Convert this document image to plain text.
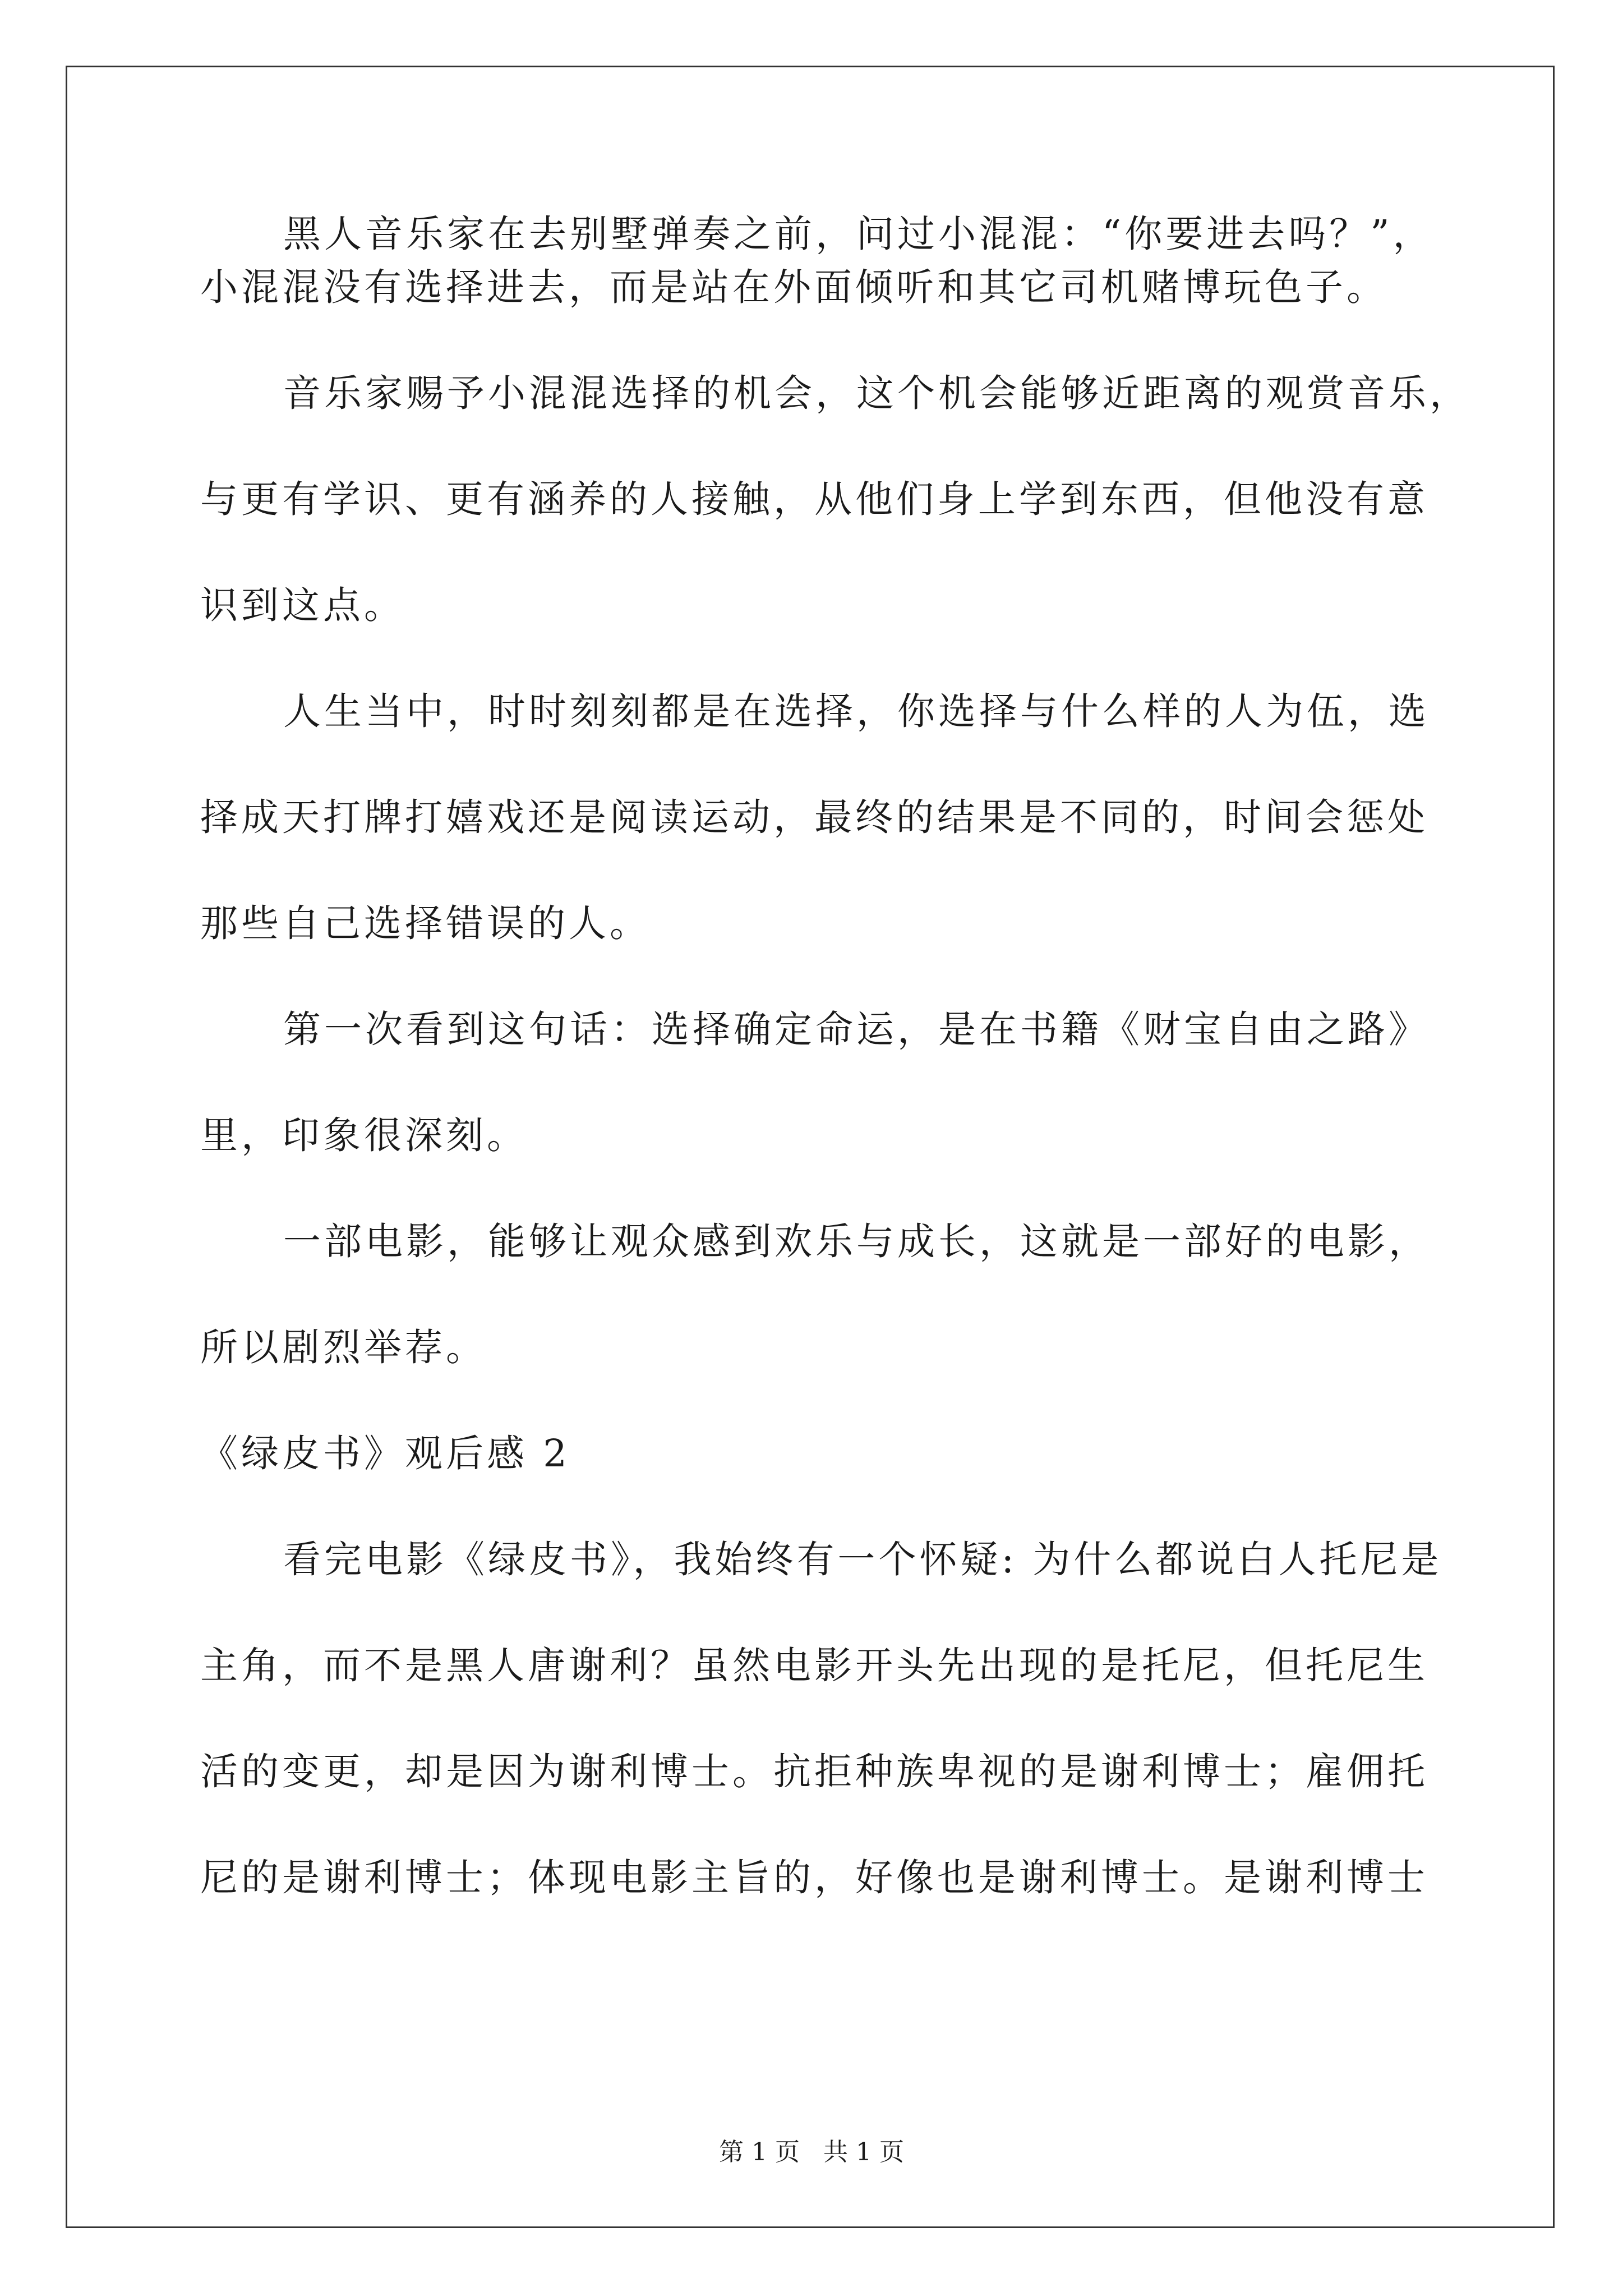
黑人音乐家在去别墅弹奏之前，问过小混混：“你要进去吗？”，
小混混没有选择进去，而是站在外面倾听和其它司机赌博玩色子。
音乐家赐予小混混选择的机会，这个机会能够近距离的观赏音乐，
与更有学识、更有涵养的人接触，从他们身上学到东西，但他没有意
识到这点。
人生当中，时时刻刻都是在选择，你选择与什么样的人为伍，选
择成天打牌打嬉戏还是阅读运动，最终的结果是不同的，时间会惩处
那些自己选择错误的人。
第一次看到这句话：选择确定命运，是在书籍《财宝自由之路》
里，印象很深刻。
一部电影，能够让观众感到欢乐与成长，这就是一部好的电影，
所以剧烈举荐。
《绿皮书》观后感 2
看完电影《绿皮书》，我始终有一个怀疑: 为什么都说白人托尼是
主角，而不是黑人唐谢利？虽然电影开头先出现的是托尼，但托尼生
活的变更，却是因为谢利博士。抗拒种族卑视的是谢利博士；雇佣托
尼的是谢利博士；体现电影主旨的，好像也是谢利博士。是谢利博士
第 1 页   共 1 页
